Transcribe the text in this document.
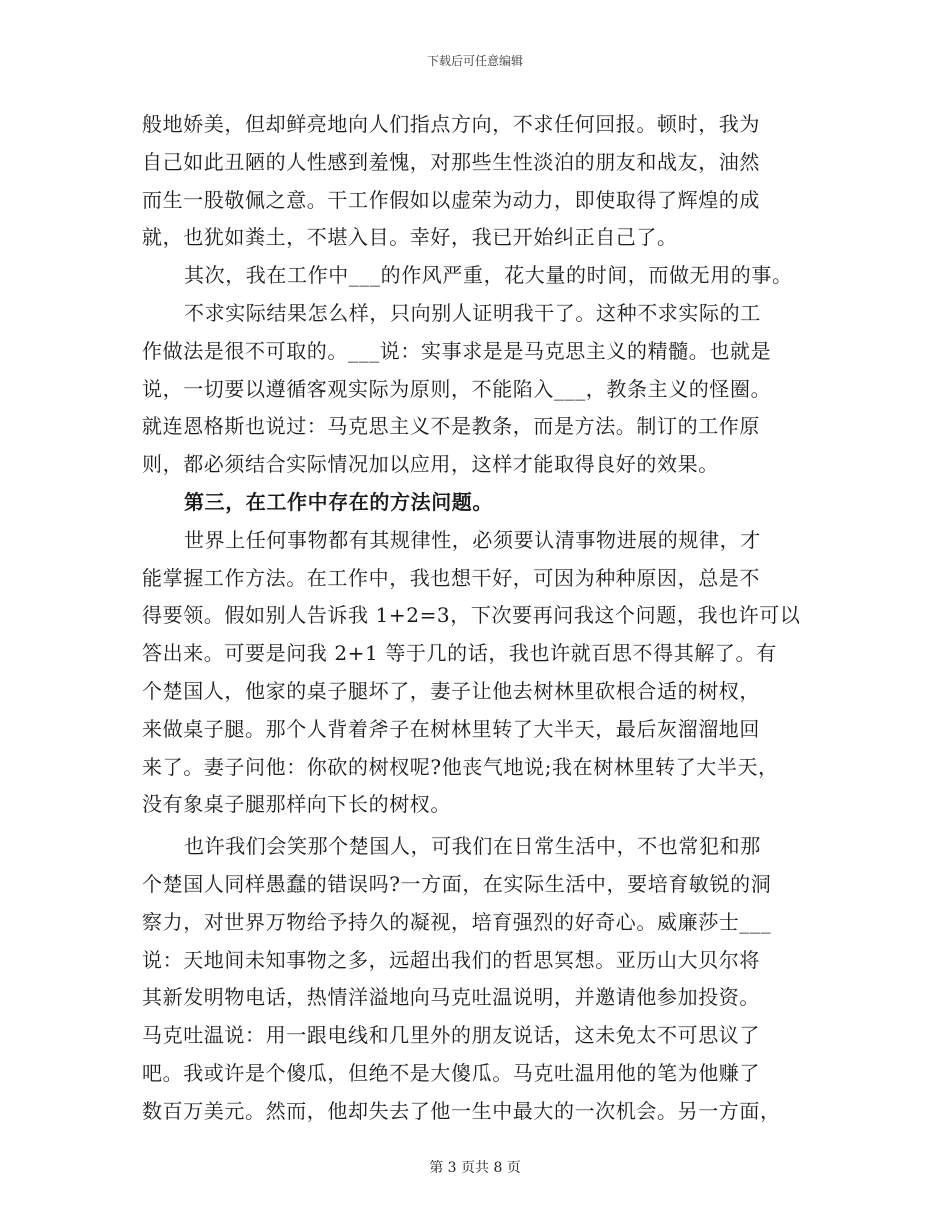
下载后可任意编辑
般地娇美，但却鲜亮地向人们指点方向，不求任何回报。顿时，我为
自己如此丑陋的人性感到羞愧，对那些生性淡泊的朋友和战友，油然
而生一股敬佩之意。干工作假如以虚荣为动力，即使取得了辉煌的成
就，也犹如粪土，不堪入目。幸好，我已开始纠正自己了。
其次，我在工作中___的作风严重，花大量的时间，而做无用的事。
不求实际结果怎么样，只向别人证明我干了。这种不求实际的工
作做法是很不可取的。___说：实事求是是马克思主义的精髓。也就是
说，一切要以遵循客观实际为原则，不能陷入___，教条主义的怪圈。
就连恩格斯也说过：马克思主义不是教条，而是方法。制订的工作原
则，都必须结合实际情况加以应用，这样才能取得良好的效果。
第三，在工作中存在的方法问题。
世界上任何事物都有其规律性，必须要认清事物进展的规律，才
能掌握工作方法。在工作中，我也想干好，可因为种种原因，总是不
得要领。假如别人告诉我 1+2=3，下次要再问我这个问题，我也许可以
答出来。可要是问我 2+1 等于几的话，我也许就百思不得其解了。有
个楚国人，他家的桌子腿坏了，妻子让他去树林里砍根合适的树杈，
来做桌子腿。那个人背着斧子在树林里转了大半天，最后灰溜溜地回
来了。妻子问他：你砍的树杈呢?他丧气地说;我在树林里转了大半天，
没有象桌子腿那样向下长的树杈。
也许我们会笑那个楚国人，可我们在日常生活中，不也常犯和那
个楚国人同样愚蠢的错误吗?一方面，在实际生活中，要培育敏锐的洞
察力，对世界万物给予持久的凝视，培育强烈的好奇心。威廉莎士___
说：天地间未知事物之多，远超出我们的哲思冥想。亚历山大贝尔将
其新发明物电话，热情洋溢地向马克吐温说明，并邀请他参加投资。
马克吐温说：用一跟电线和几里外的朋友说话，这未免太不可思议了
吧。我或许是个傻瓜，但绝不是大傻瓜。马克吐温用他的笔为他赚了
数百万美元。然而，他却失去了他一生中最大的一次机会。另一方面，
第 3 页共 8 页
